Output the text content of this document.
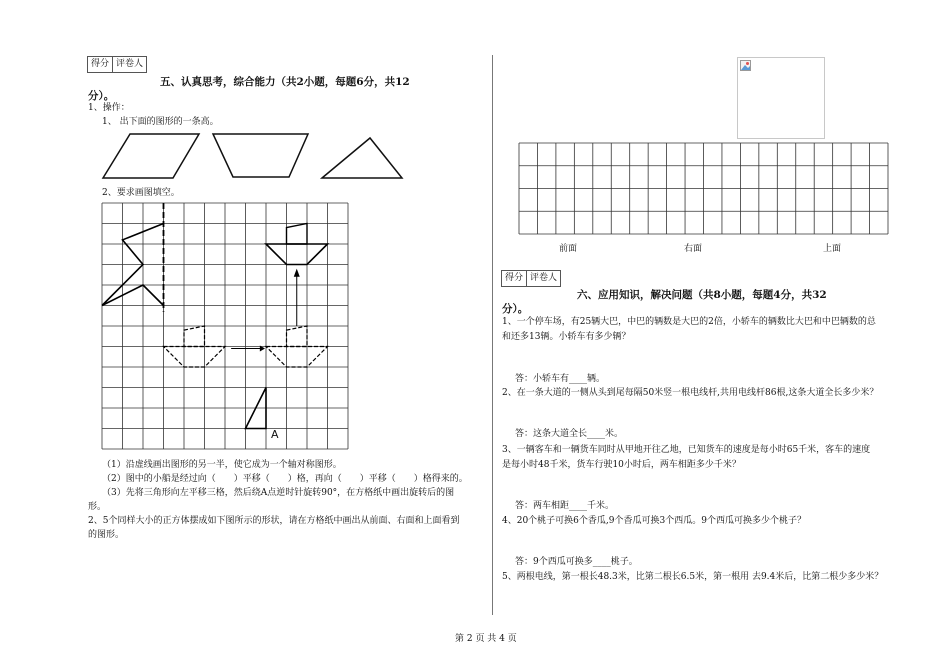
得分 评卷人
五、认真思考，综合能力（共2小题，每题6分，共12
分）。
1、操作：
1、 出下面的图形的一条高。
2、要求画图填空。
A
（1）沿虚线画出图形的另一半，使它成为一个轴对称图形。
（2）图中的小船是经过向（　　）平移（　　）格，再向（　　）平移（　　）格得来的。
（3）先将三角形向左平移三格，然后绕A点逆时针旋转90°，在方格纸中画出旋转后的图
形。
2、5个同样大小的正方体摆成如下图所示的形状，请在方格纸中画出从前面、右面和上面看到
的图形。
前面	右面	上面
得分 评卷人
六、应用知识，解决问题（共8小题，每题4分，共32
分）。
1、一个停车场，有25辆大巴，中巴的辆数是大巴的2倍，小轿车的辆数比大巴和中巴辆数的总
和还多13辆。小轿车有多少辆？
答：小轿车有____辆。
2、在一条大道的一侧从头到尾每隔50米竖一根电线杆,共用电线杆86根,这条大道全长多少米？
答：这条大道全长____米。
3、一辆客车和一辆货车同时从甲地开往乙地，已知货车的速度是每小时65千米，客车的速度
是每小时48千米，货车行驶10小时后，两车相距多少千米？
答：两车相距____千米。
4、20个桃子可换6个香瓜,9个香瓜可换3个西瓜。9个西瓜可换多少个桃子？
答：9个西瓜可换多____桃子。
5、两根电线，第一根长48.3米，比第二根长6.5米，第一根用 去9.4米后，比第二根少多少米？
第 2 页 共 4 页
